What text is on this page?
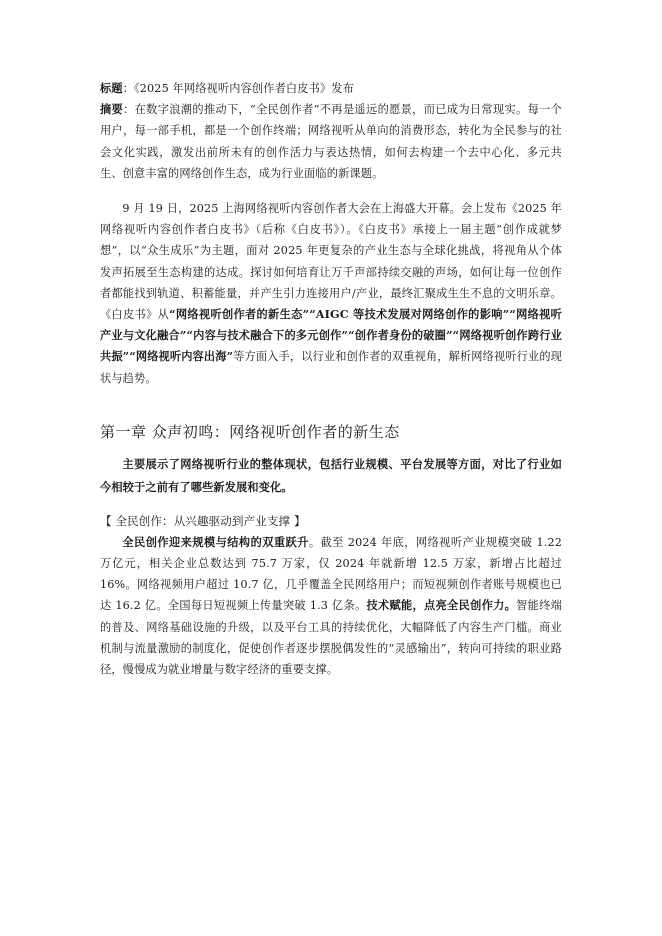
标题：《2025 年网络视听内容创作者白皮书》发布

摘要：在数字浪潮的推动下，“全民创作者”不再是遥远的愿景，而已成为日常现实。每一个用户，每一部手机，都是一个创作终端；网络视听从单向的消费形态，转化为全民参与的社会文化实践，激发出前所未有的创作活力与表达热情，如何去构建一个去中心化、多元共生、创意丰富的网络创作生态，成为行业面临的新课题。

9 月 19 日，2025 上海网络视听内容创作者大会在上海盛大开幕。会上发布《2025 年网络视听内容创作者白皮书》（后称《白皮书》）。《白皮书》承接上一届主题“创作成就梦想”，以“众生成乐”为主题，面对 2025 年更复杂的产业生态与全球化挑战，将视角从个体发声拓展至生态构建的达成。探讨如何培育让万千声部持续交融的声场，如何让每一位创作者都能找到轨道、积蓄能量，并产生引力连接用户/产业，最终汇聚成生生不息的文明乐章。《白皮书》从“网络视听创作者的新生态”“AIGC 等技术发展对网络创作的影响”“网络视听产业与文化融合”“内容与技术融合下的多元创作”“创作者身份的破圈”“网络视听创作跨行业共振”“网络视听内容出海”等方面入手，以行业和创作者的双重视角，解析网络视听行业的现状与趋势。

第一章 众声初鸣：网络视听创作者的新生态

主要展示了网络视听行业的整体现状，包括行业规模、平台发展等方面，对比了行业如今相较于之前有了哪些新发展和变化。

【 全民创作：从兴趣驱动到产业支撑 】

全民创作迎来规模与结构的双重跃升。截至 2024 年底，网络视听产业规模突破 1.22 万亿元，相关企业总数达到 75.7 万家，仅 2024 年就新增 12.5 万家，新增占比超过 16%。网络视频用户超过 10.7 亿，几乎覆盖全民网络用户；而短视频创作者账号规模也已达 16.2 亿。全国每日短视频上传量突破 1.3 亿条。技术赋能，点亮全民创作力。智能终端的普及、网络基础设施的升级，以及平台工具的持续优化，大幅降低了内容生产门槛。商业机制与流量激励的制度化，促使创作者逐步摆脱偶发性的“灵感输出”，转向可持续的职业路径，慢慢成为就业增量与数字经济的重要支撑。
